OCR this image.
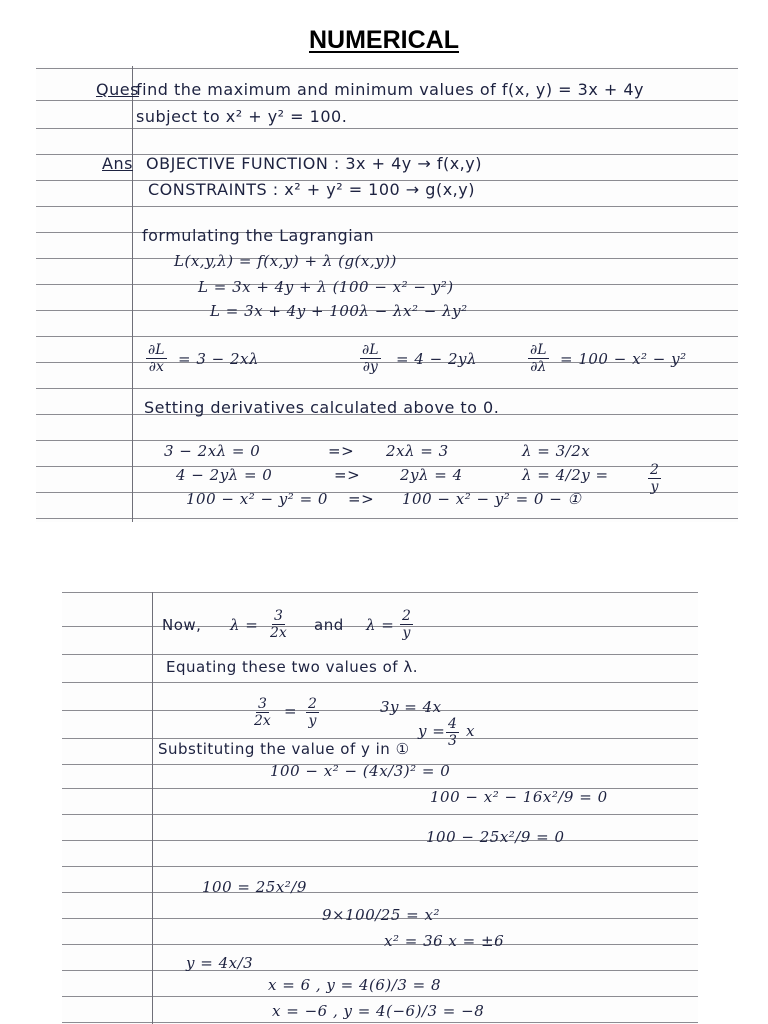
NUMERICAL

Ques

find the maximum and minimum values of f(x, y) = 3x + 4y

subject to x² + y² = 100.

Ans OBJECTIVE FUNCTION : 3x + 4y → f(x,y)

CONSTRAINTS : x² + y² = 100 → g(x,y)

formulating the Lagrangian

L(x,y,λ) = f(x,y) + λ (g(x,y))

L = 3x + 4y + λ (100 − x² − y²)

L = 3x + 4y + 100λ − λx² − λy²

$\frac{\partial L}{\partial x} = 3 - 2x\lambda$	$\frac{\partial L}{\partial y} = 4 - 2y\lambda$	$\frac{\partial L}{\partial\lambda} = 100 - x^2 - y^2$

Setting derivatives calculated above to 0.

3 − 2xλ = 0	=> 2xλ = 3	λ = 3/2x

4 − 2yλ = 0	=>	2yλ = 4	λ = 4/2y =	$\frac{2}{y}$

100 − x² − y² = 0 => 100 − x² − y² = 0 − ①

Now, $\lambda = \frac{3}{2x}$ and $\lambda = \frac{2}{y}$

Equating these two values of λ.

$\frac{3}{2x} = \frac{2}{y}$	3y = 4x

$y = \frac{4}{3}$ x

Substituting the value of y in ①

100 − x² − (4x/3)² = 0

100 − x² − 16x²/9 = 0

100 − 25x²/9 = 0

100 = 25x²/9

9×100/25 = x²

x² = 36 x = ±6

y = 4x/3

x = 6 , y = 4(6)/3 = 8

x = −6 , y = 4(−6)/3 = −8
